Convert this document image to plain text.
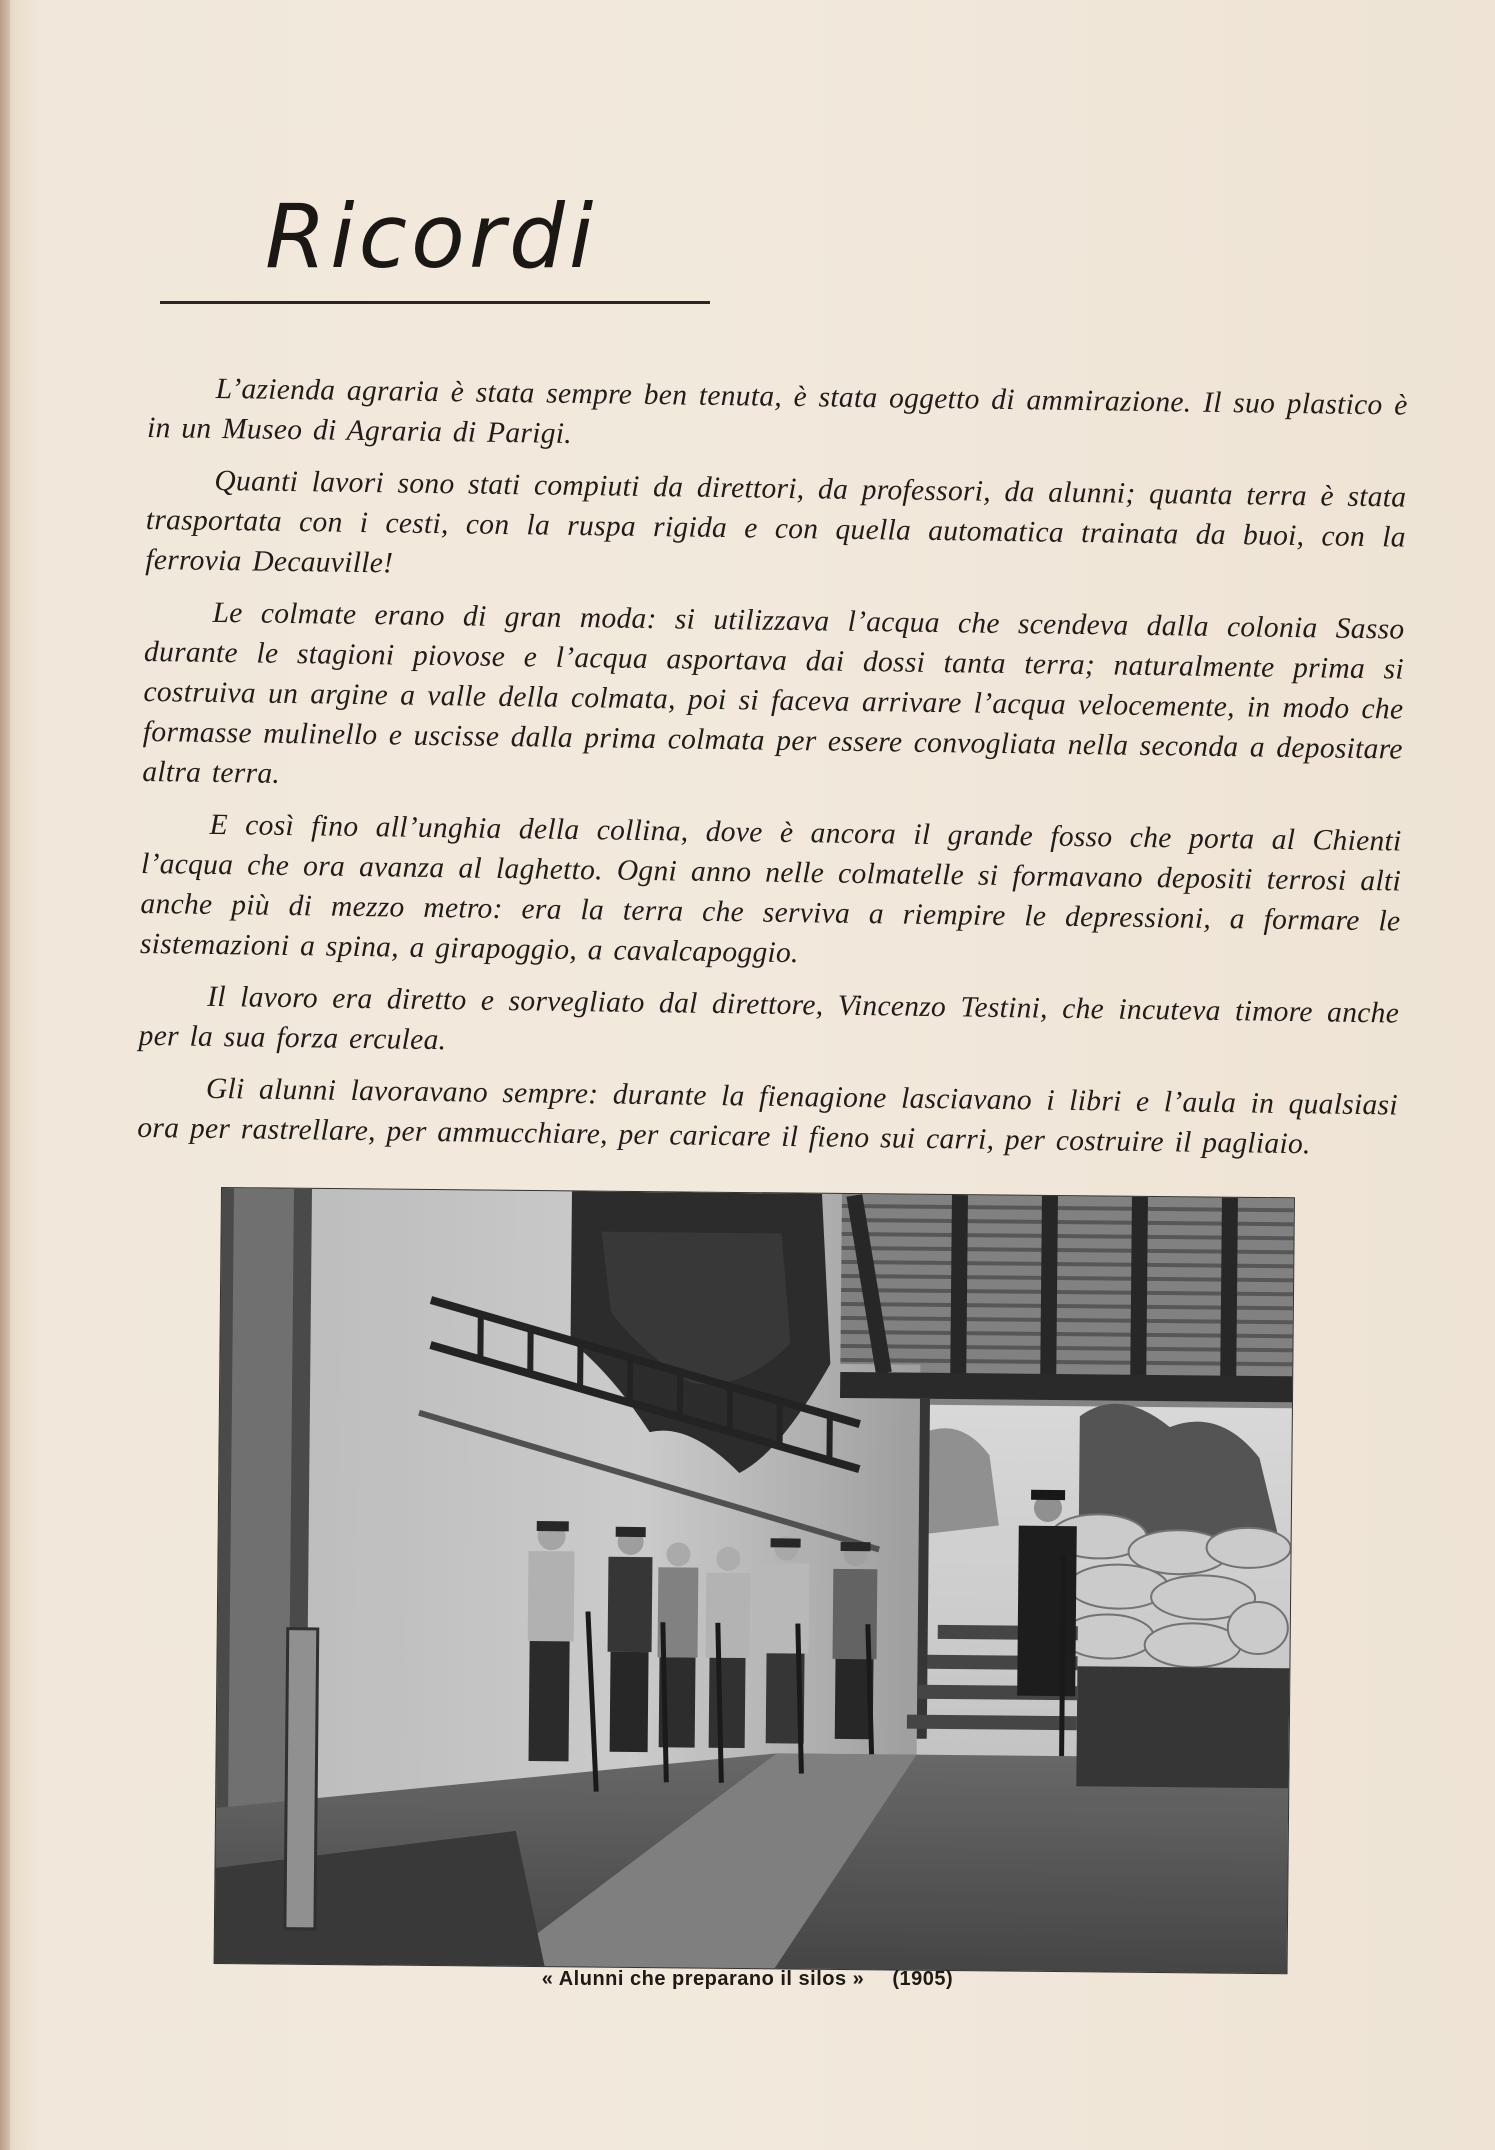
Ricordi

L’azienda agraria è stata sempre ben tenuta, è stata oggetto di ammirazione. Il suo plastico è in un Museo di Agraria di Parigi.

Quanti lavori sono stati compiuti da direttori, da professori, da alunni; quanta terra è stata trasportata con i cesti, con la ruspa rigida e con quella automatica trainata da buoi, con la ferrovia Decauville!

Le colmate erano di gran moda: si utilizzava l’acqua che scendeva dalla colonia Sasso durante le stagioni piovose e l’acqua asportava dai dossi tanta terra; naturalmente prima si costruiva un argine a valle della colmata, poi si faceva arrivare l’acqua velocemente, in modo che formasse mulinello e uscisse dalla prima colmata per essere convogliata nella seconda a depositare altra terra.

E così fino all’unghia della collina, dove è ancora il grande fosso che porta al Chienti l’acqua che ora avanza al laghetto. Ogni anno nelle colmatelle si formavano depositi terrosi alti anche più di mezzo metro: era la terra che serviva a riempire le depressioni, a formare le sistemazioni a spina, a girapoggio, a cavalcapoggio.

Il lavoro era diretto e sorvegliato dal direttore, Vincenzo Testini, che incuteva timore anche per la sua forza erculea.

Gli alunni lavoravano sempre: durante la fienagione lasciavano i libri e l’aula in qualsiasi ora per rastrellare, per ammucchiare, per caricare il fieno sui carri, per costruire il pagliaio.

« Alunni che preparano il silos » (1905)
